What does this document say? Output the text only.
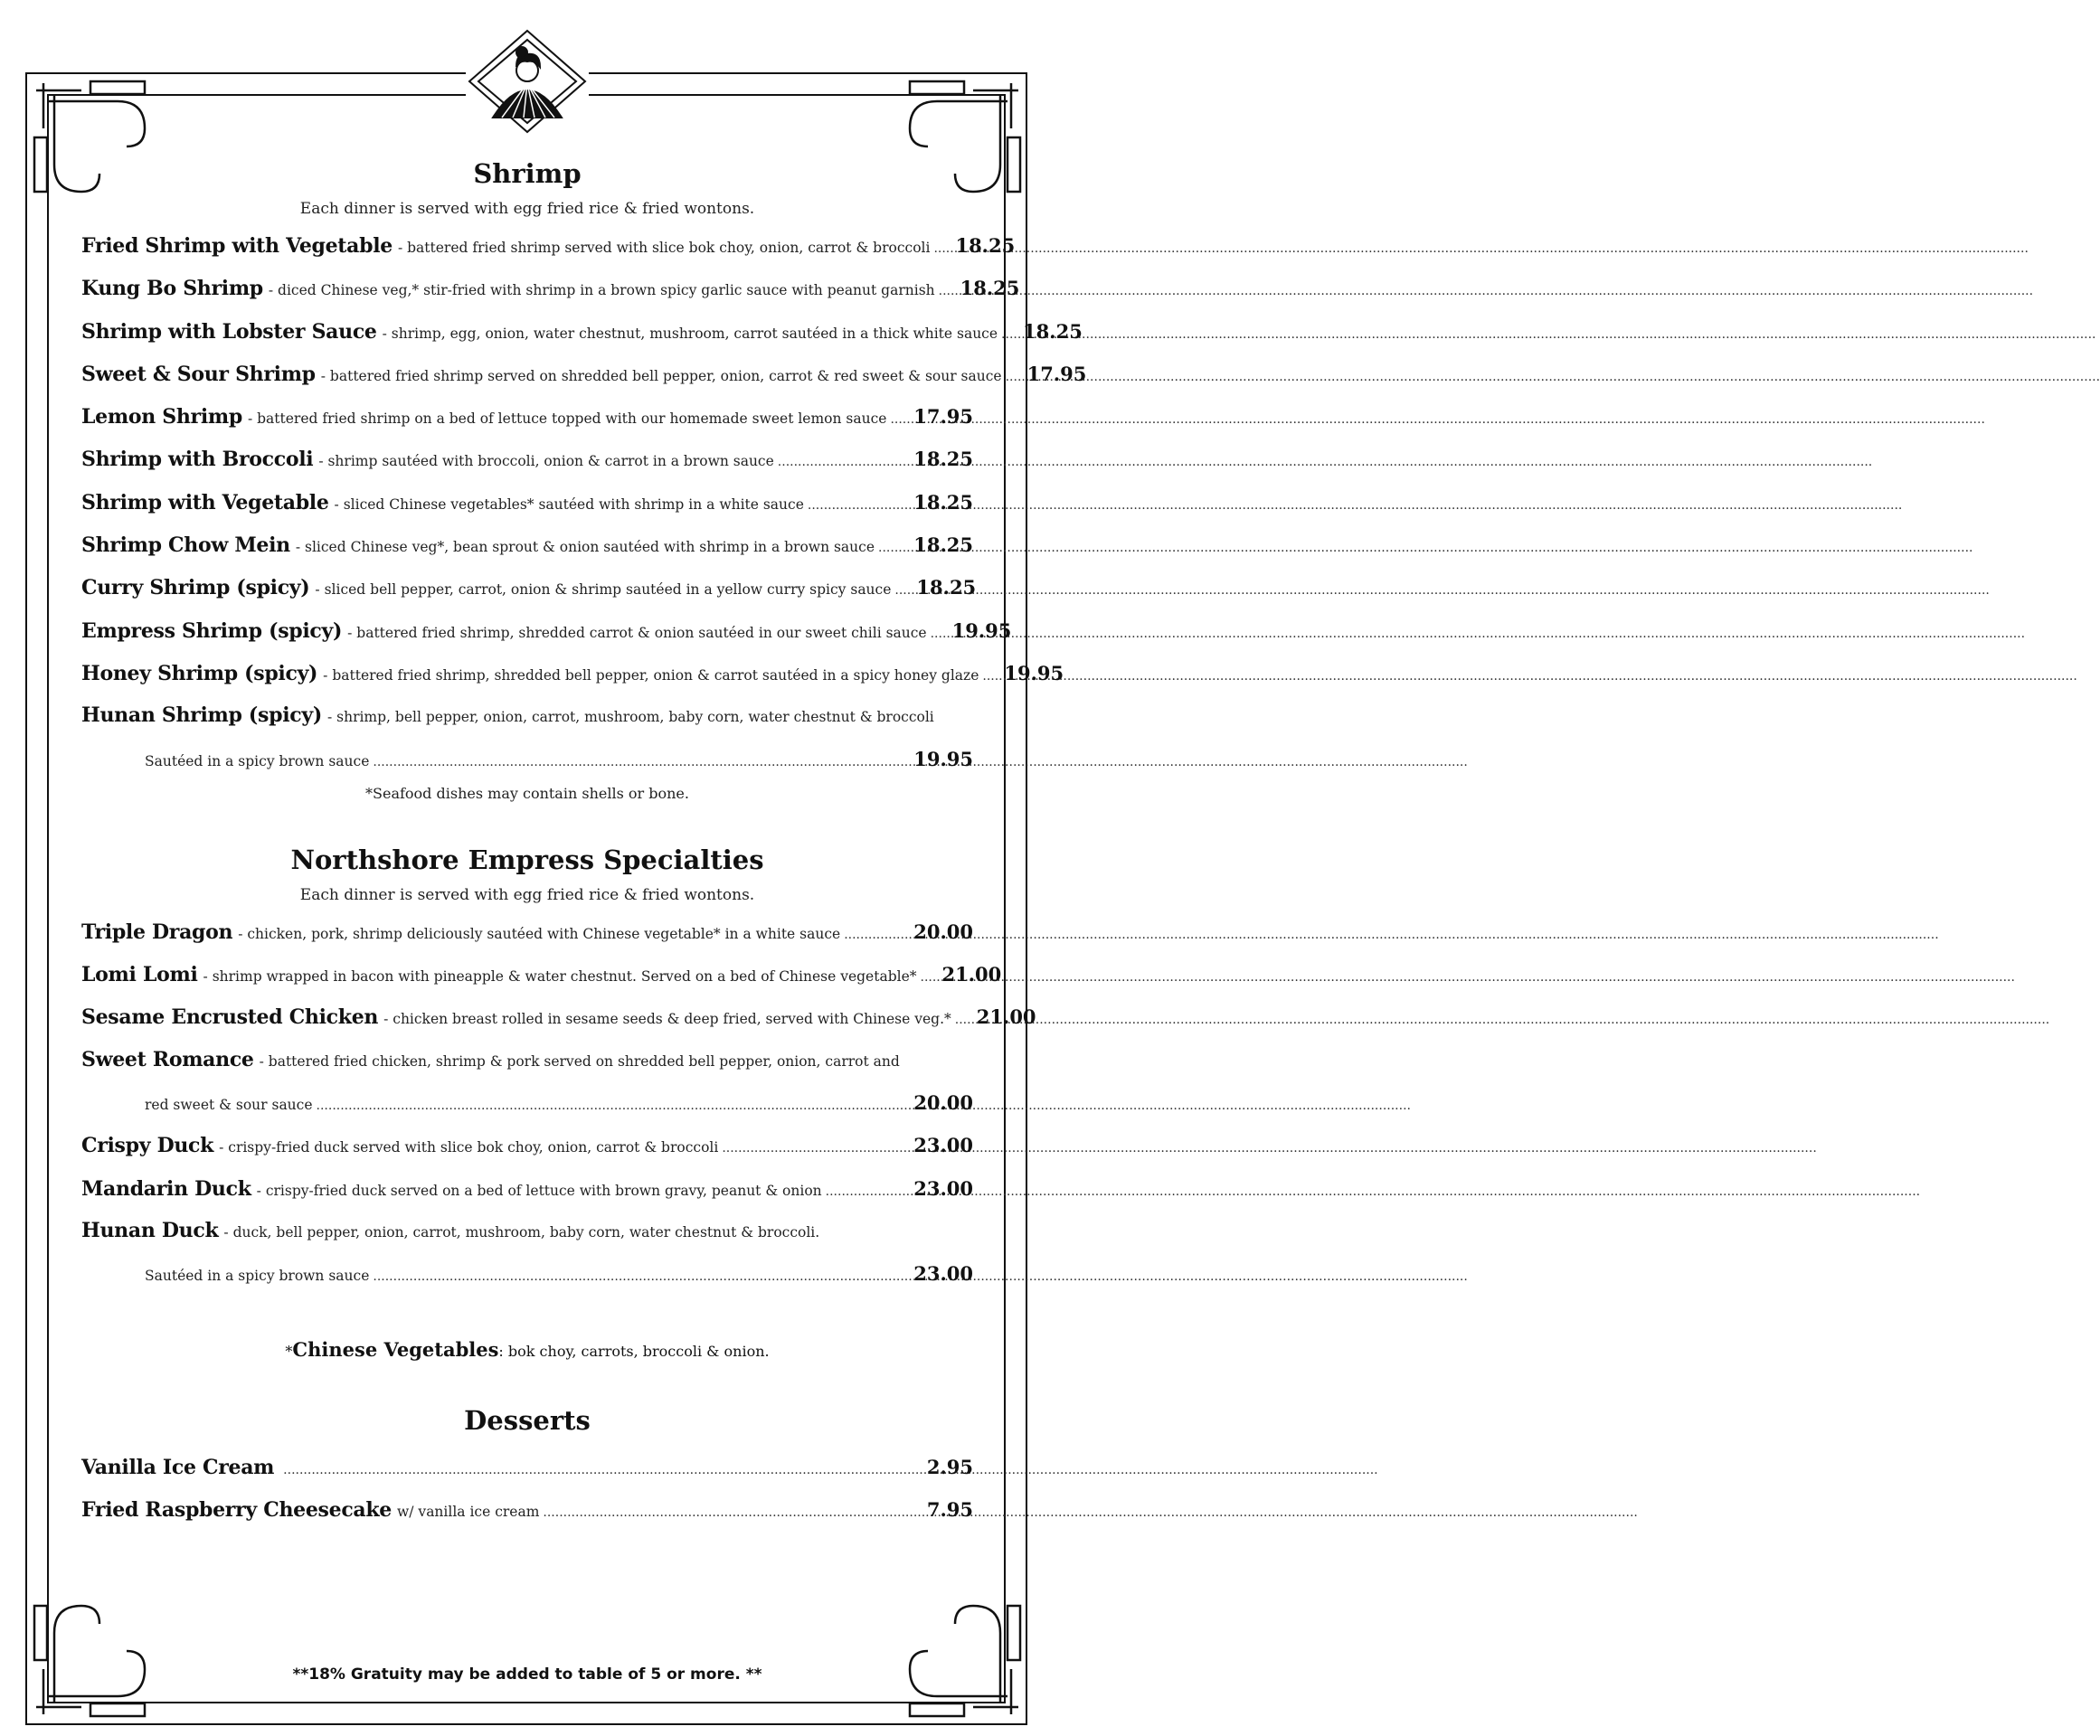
Shrimp
Each dinner is served with egg fried rice & fried wontons.
Fried Shrimp with Vegetable - battered fried shrimp served with slice bok choy, onion, carrot & broccoli ..... 18.25
Kung Bo Shrimp - diced Chinese veg,* stir-fried with shrimp in a brown spicy garlic sauce with peanut garnish ..... 18.25
Shrimp with Lobster Sauce - shrimp, egg, onion, water chestnut, mushroom, carrot sautéed in a thick white sauce ..... 18.25
Sweet & Sour Shrimp - battered fried shrimp served on shredded bell pepper, onion, carrot & red sweet & sour sauce ..... 17.95
Lemon Shrimp - battered fried shrimp on a bed of lettuce topped with our homemade sweet lemon sauce ..... 17.95
Shrimp with Broccoli - shrimp sautéed with broccoli, onion & carrot in a brown sauce .....	18.25
Shrimp with Vegetable - sliced Chinese vegetables* sautéed with shrimp in a white sauce .....	18.25
Shrimp Chow Mein - sliced Chinese veg*, bean sprout & onion sautéed with shrimp in a brown sauce ..... 18.25
Curry Shrimp (spicy) - sliced bell pepper, carrot, onion & shrimp sautéed in a yellow curry spicy sauce ..... 18.25
Empress Shrimp (spicy) - battered fried shrimp, shredded carrot & onion sautéed in our sweet chili sauce ..... 19.95
Honey Shrimp (spicy) - battered fried shrimp, shredded bell pepper, onion & carrot sautéed in a spicy honey glaze ..... 19.95
Hunan Shrimp (spicy) - shrimp, bell pepper, onion, carrot, mushroom, baby corn, water chestnut & broccoli
Sautéed in a spicy brown sauce .....	19.95
*Seafood dishes may contain shells or bone.
Northshore Empress Specialties
Each dinner is served with egg fried rice & fried wontons.
Triple Dragon - chicken, pork, shrimp deliciously sautéed with Chinese vegetable* in a white sauce .....	20.00
Lomi Lomi - shrimp wrapped in bacon with pineapple & water chestnut. Served on a bed of Chinese vegetable* ..... 21.00
Sesame Encrusted Chicken - chicken breast rolled in sesame seeds & deep fried, served with Chinese veg.* ..... 21.00
Sweet Romance - battered fried chicken, shrimp & pork served on shredded bell pepper, onion, carrot and
red sweet & sour sauce .....	20.00
Crispy Duck - crispy-fried duck served with slice bok choy, onion, carrot & broccoli .....	23.00
Mandarin Duck - crispy-fried duck served on a bed of lettuce with brown gravy, peanut & onion .....	23.00
Hunan Duck - duck, bell pepper, onion, carrot, mushroom, baby corn, water chestnut & broccoli.
Sautéed in a spicy brown sauce .....	23.00
*Chinese Vegetables: bok choy, carrots, broccoli & onion.
Desserts
Vanilla Ice Cream .....	2.95
Fried Raspberry Cheesecake w/ vanilla ice cream .....	7.95
**18% Gratuity may be added to table of 5 or more. **
